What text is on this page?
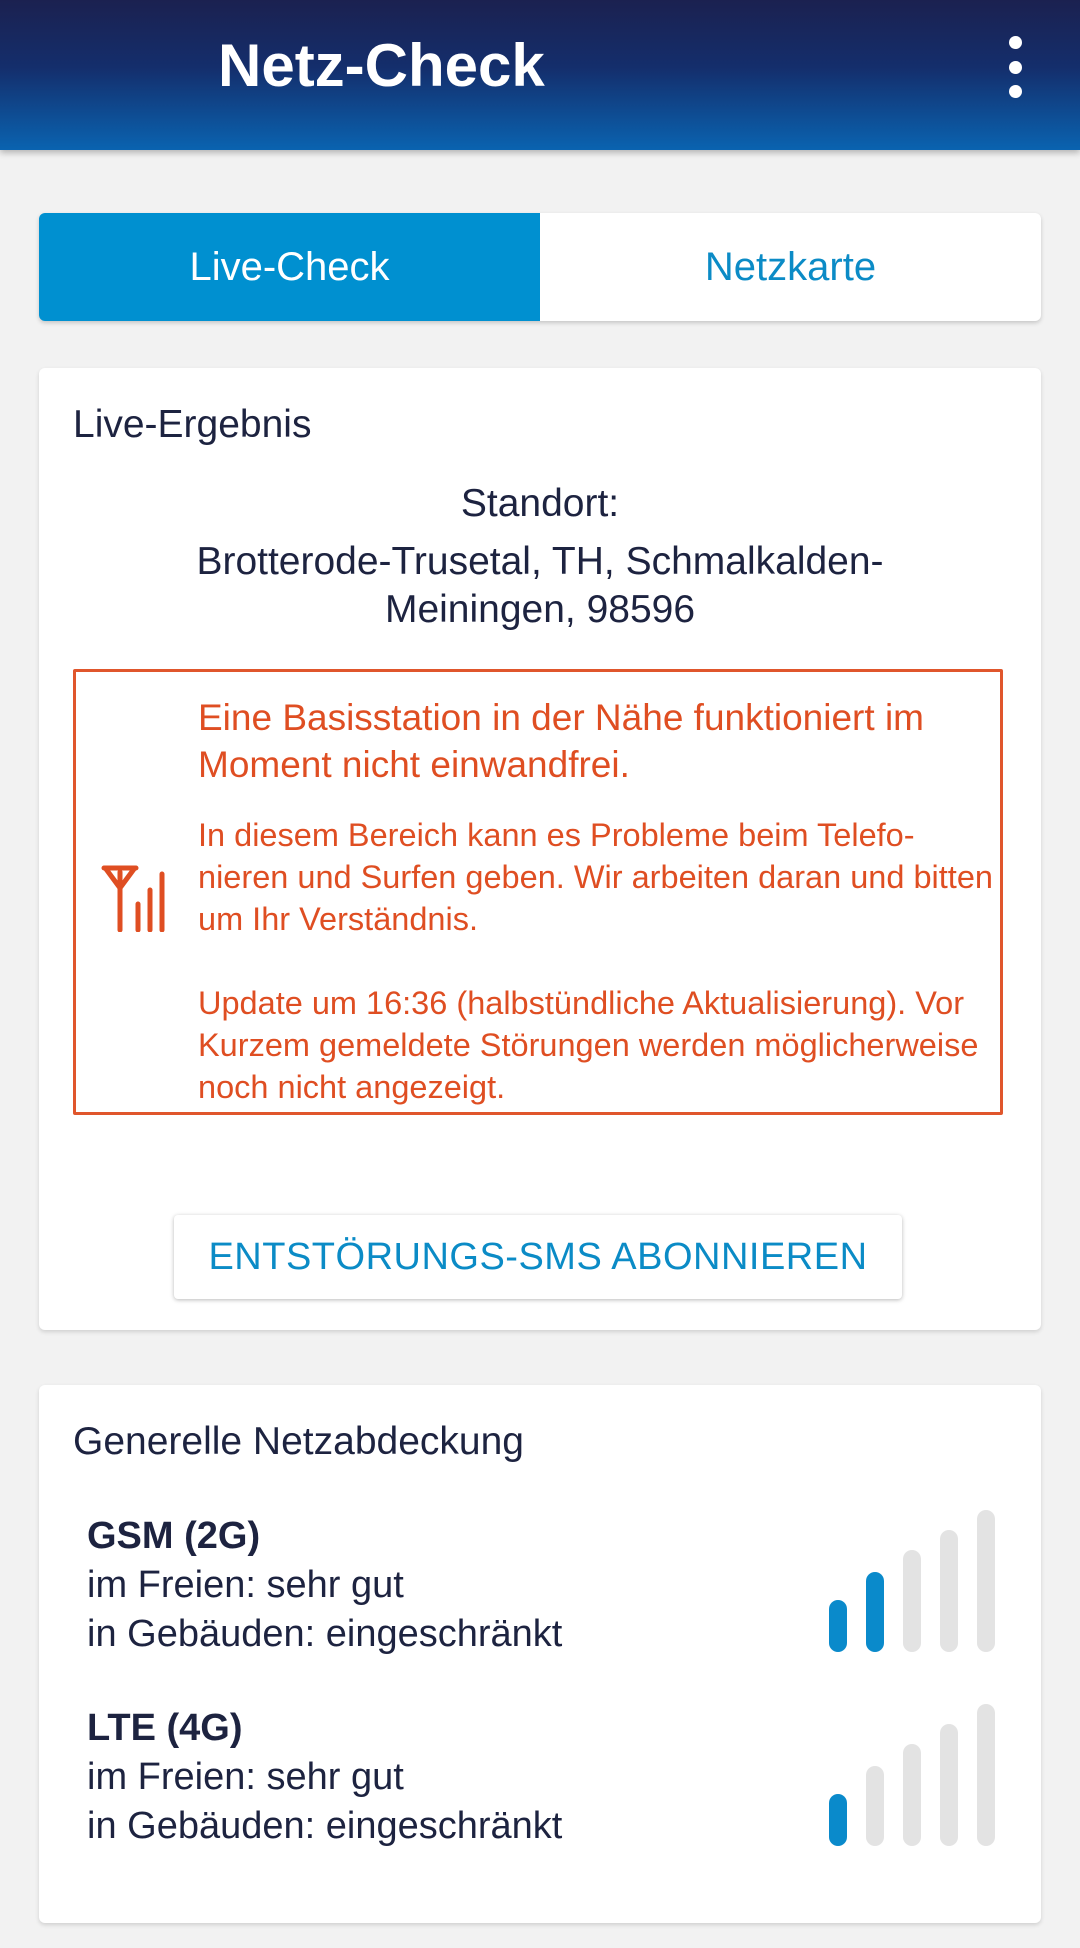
Netz-Check
Live-Check	Netzkarte
Live-Ergebnis
Standort:
Brotterode-Trusetal, TH, Schmalkalden-Meiningen, 98596
Eine Basisstation in der Nähe funktioniert im Moment nicht einwandfrei.
In diesem Bereich kann es Probleme beim Telefo-nieren und Surfen geben. Wir arbeiten daran und bitten um Ihr Verständnis.
Update um 16:36 (halbstündliche Aktualisierung). Vor Kurzem gemeldete Störungen werden möglicherweise noch nicht angezeigt.
ENTSTÖRUNGS-SMS ABONNIEREN
Generelle Netzabdeckung
GSM (2G)
im Freien: sehr gut
in Gebäuden: eingeschränkt
LTE (4G)
im Freien: sehr gut
in Gebäuden: eingeschränkt
